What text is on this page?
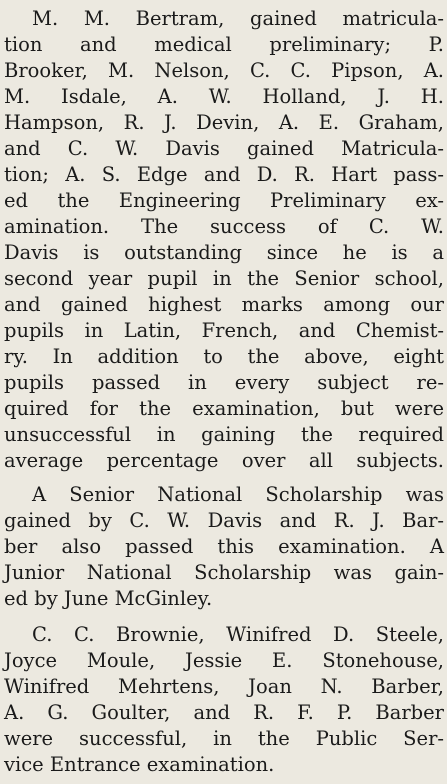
M. M. Bertram, gained matricula-
tion and medical preliminary; P.
Brooker, M. Nelson, C. C. Pipson, A.
M. Isdale, A. W. Holland, J. H.
Hampson, R. J. Devin, A. E. Graham,
and C. W. Davis gained Matricula-
tion; A. S. Edge and D. R. Hart pass-
ed the Engineering Preliminary ex-
amination. The success of C. W.
Davis is outstanding since he is a
second year pupil in the Senior school,
and gained highest marks among our
pupils in Latin, French, and Chemist-
ry. In addition to the above, eight
pupils passed in every subject re-
quired for the examination, but were
unsuccessful in gaining the required
average percentage over all subjects.
A Senior National Scholarship was
gained by C. W. Davis and R. J. Bar-
ber also passed this examination. A
Junior National Scholarship was gain-
ed by June McGinley.
C. C. Brownie, Winifred D. Steele,
Joyce Moule, Jessie E. Stonehouse,
Winifred Mehrtens, Joan N. Barber,
A. G. Goulter, and R. F. P. Barber
were successful, in the Public Ser-
vice Entrance examination.
